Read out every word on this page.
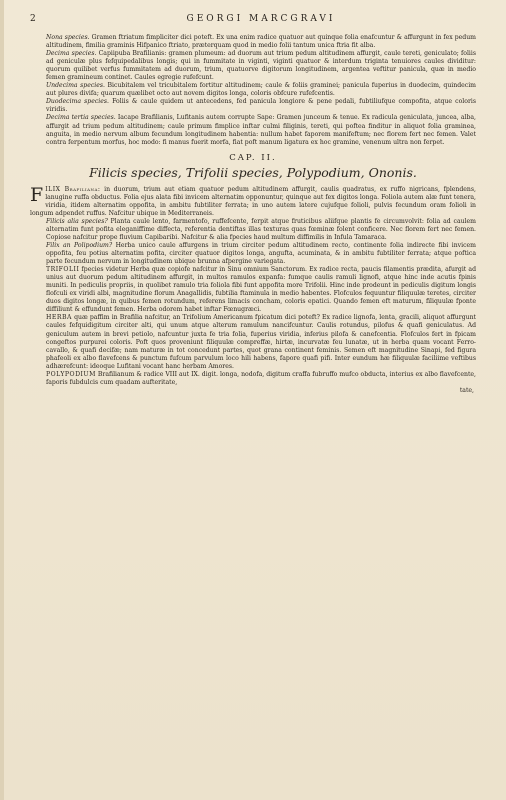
2	GEORGI MARCGRAVI

Nona species. Gramen ftriatum fimpliciter dici poteft. Ex una enim radice quatuor aut quinque folia enafcuntur & affurgunt in fex pedum altitudinem, fimilia graminis Hifpanico ftriato, præterquam quod in medio folii tantum unica ftria fit alba.

Decima species. Capiipuba Brafilianis: gramen plumeum: ad duorum aut trium pedum altitudinem affurgit, caule tereti, geniculato; foliis ad geniculæ plus fefquipedalibus longis; qui in fummitate in viginti, viginti quatuor & interdum triginta tenuiores caules dividitur: quorum quilibet verfus fummitatem ad duorum, trium, quatuorve digitorum longitudinem, argentea veftitur panicula, quæ in medio femen gramineum continet. Caules egregie rufefcunt.

Undecima species. Bicubitalem vel tricubitalem fortitur altitudinem; caule & foliis graminei; panicula fuperius in duodecim, quindecim aut plures divifa; quarum quælibet octo aut novem digitos longa, coloris obfcure rufefcentis.

Duodecima species. Foliis & caule quidem ut antecedens, fed panicula longiore & pene pedali, fubtiliufque compofita, atque coloris viridis.

Decima tertia species. Iacape Brafilianis, Lufitanis autem corrupte Sape: Gramen junceum & tenue. Ex radicula geniculata, juncea, alba, affurgit ad trium pedum altitudinem; caule primum fimplice inftar culmi filiginis, tereti, qui poftea finditur in aliquot folia graminea, anguita, in medio nervum album fecundum longitudinem habentia: nullum habet faporem manifeftum; nec florem fert nec femen. Valet contra ferpentum morfus, hoc modo: fi manus fuerit morfa, fiat poft manum ligatura ex hoc gramine, venenum ultra non ferpet.

CAP. II.
Filicis species, Trifolii species, Polypodium, Ononis.

FILIX Brafiliana: in duorum, trium aut etiam quatuor pedum altitudinem affurgit, caulis quadratus, ex ruffo nigricans, fplendens, lanugine ruffa obductus. Folia ejus alata fibi invicem alternatim opponuntur, quinque aut fex digitos longa. Foliola autem alæ funt tenera, viridia, itidem alternatim oppofita, in ambitu fubtiliter ferrata; in uno autem latere cujufque folioli, pulvis fecundum oram folioli in longum adpendet ruffus. Nafcitur ubique in Mediterraneis.

Filicis alia species? Planta caule lento, farmentofo, ruffefcente, ferpit atque fruticibus aliifque plantis fe circumvolvit: folia ad caulem alternatim funt pofita eleganiffime diffecta, referentia dentiftas illas texturas quas fœminæ folent conficere. Nec florem fert nec femen. Copiose nafcitur prope fluvium Capibaribi. Nafcitur & alia fpecies haud multum diffimilis in Infula Tamaraca.

Filix an Polipodium? Herba unico caule affurgens in trium circiter pedum altitudinem recto, continente folia indirecte fibi invicem oppofita, feu potius alternatim pofita, circiter quatuor digitos longa, angufta, acuminata, & in ambitu fubtiliter ferrata; atque poftica parte fecundum nervum in longitudinem ubique brunna afpergine variegata.

TRIFOLII fpecies videtur Herba quæ copiofe nafcitur in Sinu omnium Sanctorum. Ex radice recta, paucis filamentis prædita, afurgit ad unius aut duorum pedum altitudinem affurgit, in multos ramulos expanfa: fumque caulis ramuli lignofi, atque hinc inde acutis fpinis muniti. In pediculis propriis, in quolibet ramulo tria foliola fibi funt appofita more Trifolii. Hinc inde prodeunt in pediculis digitum longis flofculi ex viridi albi, magnitudine florum Anagallidis, fubtilia ftaminula in medio habentes. Flofculos fequuntur filiquulæ teretes, circiter duos digitos longæ, in quibus femen rotundum, referens limacis concham, coloris epatici. Quando femen eft maturum, filiquulæ fponte diffiliunt & effundunt femen. Herba odorem habet inftar Fœnugræci.

HERBA quæ paffim in Brafilia nafcitur, an Trifolium Americanum fpicatum dici poteft? Ex radice lignofa, lenta, gracili, aliquot affurgunt caules fefquidigitum circiter alti, qui unum atque alterum ramulum nancifcuntur. Caulis rotundus, pilofus & quafi geniculatus. Ad geniculum autem in brevi petiolo, nafcuntur juxta fe tria folia, fuperius viridia, inferius pilofa & canefcentia. Flofculos fert in fpicam congeftos purpurei coloris. Poft quos proveniunt filiquulæ compreffæ, hirtæ, incurvatæ feu lunatæ, ut in herba quam vocant Ferro-cavallo, & quafi decifæ; nam maturæ in tot concedunt partes, quot grana continent feminis. Semen eft magnitudine Sinapi, fed figura phafeoli ex albo flavefcens & punctum fufcum parvulum loco hili habens, fapore quafi pifi. Inter eundum hæ filiquulæ faciliime veftibus adhærefcunt: ideoque Lufitani vocant hanc herbam Amores.

POLYPODIUM Brafilianum & radice VIII aut IX. digit. longa, nodofa, digitum craffa fubruffo mufco obducta, interius ex albo flavefcente, faporis fubdulcis cum quadam aufteritate,

tate,
